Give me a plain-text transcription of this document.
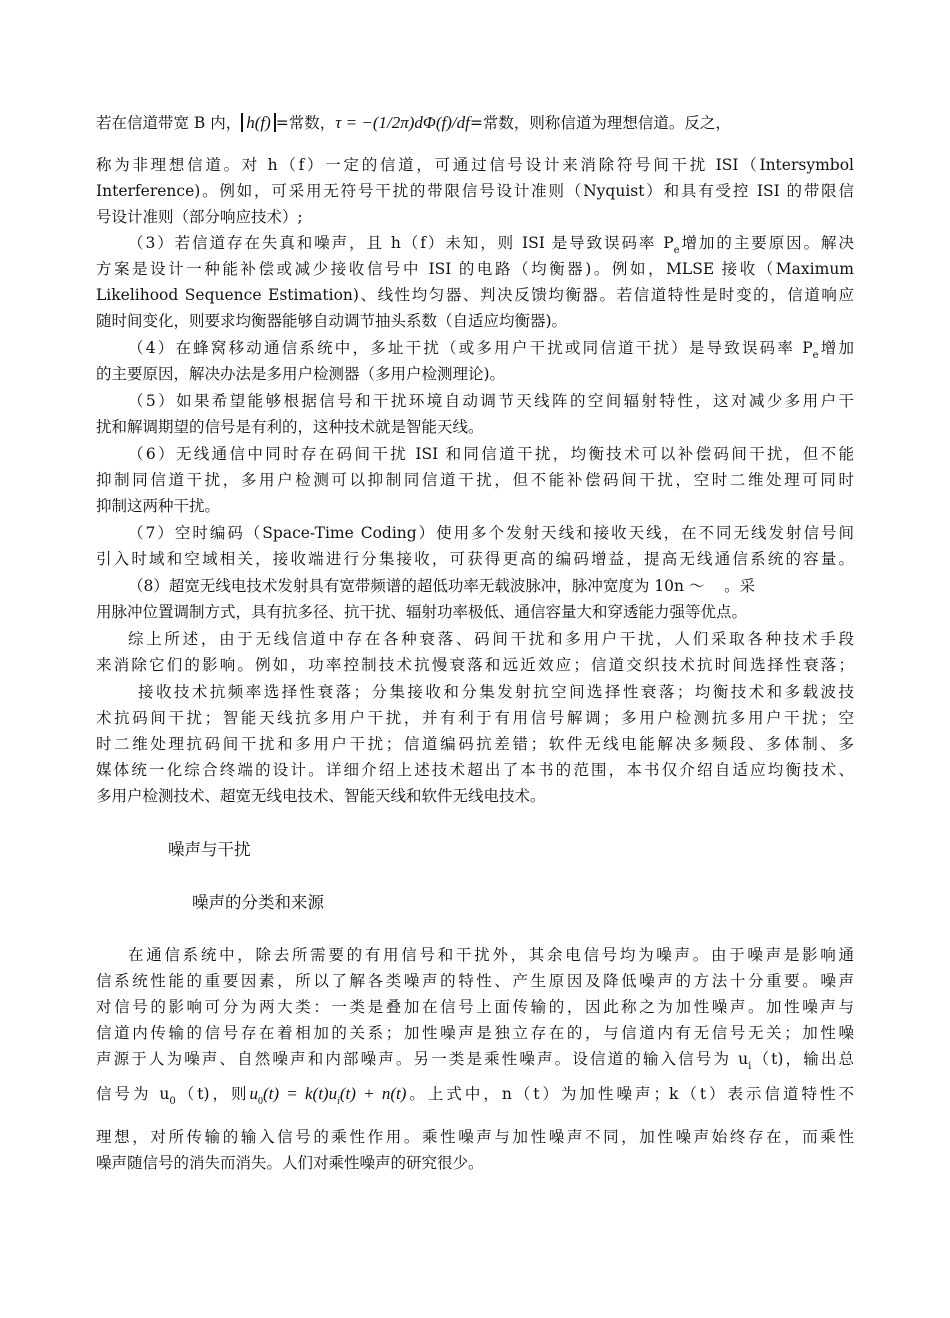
若在信道带宽 B 内， h(f) =常数，τ = −(1/2π)dΦ(f)/df=常数，则称信道为理想信道。反之，
称为非理想信道。对 h（f）一定的信道，可通过信号设计来消除符号间干扰 ISI（Intersymbol
Interference)。例如，可采用无符号干扰的带限信号设计准则（Nyquist）和具有受控 ISI 的带限信
号设计准则（部分响应技术）;
（3）若信道存在失真和噪声，且 h（f）未知，则 ISI 是导致误码率 $P_e$增加的主要原因。解决
方案是设计一种能补偿或减少接收信号中 ISI 的电路（均衡器)。例如，MLSE 接收（Maximum
Likelihood Sequence Estimation)、线性均匀器、判决反馈均衡器。若信道特性是时变的，信道响应
随时间变化，则要求均衡器能够自动调节抽头系数（自适应均衡器)。
（4）在蜂窝移动通信系统中，多址干扰（或多用户干扰或同信道干扰）是导致误码率 $P_e$增加
的主要原因，解决办法是多用户检测器（多用户检测理论)。
（5）如果希望能够根据信号和干扰环境自动调节天线阵的空间辐射特性，这对减少多用户干
扰和解调期望的信号是有利的，这种技术就是智能天线。
（6）无线通信中同时存在码间干扰 ISI 和同信道干扰，均衡技术可以补偿码间干扰，但不能
抑制同信道干扰，多用户检测可以抑制同信道干扰，但不能补偿码间干扰，空时二维处理可同时
抑制这两种干扰。
（7）空时编码（Space-Time Coding）使用多个发射天线和接收天线，在不同无线发射信号间
引入时域和空域相关，接收端进行分集接收，可获得更高的编码增益，提高无线通信系统的容量。
（8）超宽无线电技术发射具有宽带频谱的超低功率无载波脉冲，脉冲宽度为 10n ～    。采
用脉冲位置调制方式，具有抗多径、抗干扰、辐射功率极低、通信容量大和穿透能力强等优点。
综上所述，由于无线信道中存在各种衰落、码间干扰和多用户干扰，人们采取各种技术手段
来消除它们的影响。例如，功率控制技术抗慢衰落和远近效应；信道交织技术抗时间选择性衰落；
接收技术抗频率选择性衰落；分集接收和分集发射抗空间选择性衰落；均衡技术和多载波技
术抗码间干扰；智能天线抗多用户干扰，并有利于有用信号解调；多用户检测抗多用户干扰；空
时二维处理抗码间干扰和多用户干扰；信道编码抗差错；软件无线电能解决多频段、多体制、多
媒体统一化综合终端的设计。详细介绍上述技术超出了本书的范围，本书仅介绍自适应均衡技术、
多用户检测技术、超宽无线电技术、智能天线和软件无线电技术。
噪声与干扰
噪声的分类和来源
在通信系统中，除去所需要的有用信号和干扰外，其余电信号均为噪声。由于噪声是影响通
信系统性能的重要因素，所以了解各类噪声的特性、产生原因及降低噪声的方法十分重要。噪声
对信号的影响可分为两大类：一类是叠加在信号上面传输的，因此称之为加性噪声。加性噪声与
信道内传输的信号存在着相加的关系；加性噪声是独立存在的，与信道内有无信号无关；加性噪
声源于人为噪声、自然噪声和内部噪声。另一类是乘性噪声。设信道的输入信号为 $u_i(t)$，输出总
信号为 $u_0(t)$，则$u_0(t) = k(t)u_i(t) + n(t)$。上式中，n（t）为加性噪声；k（t）表示信道特性不
理想，对所传输的输入信号的乘性作用。乘性噪声与加性噪声不同，加性噪声始终存在，而乘性
噪声随信号的消失而消失。人们对乘性噪声的研究很少。
